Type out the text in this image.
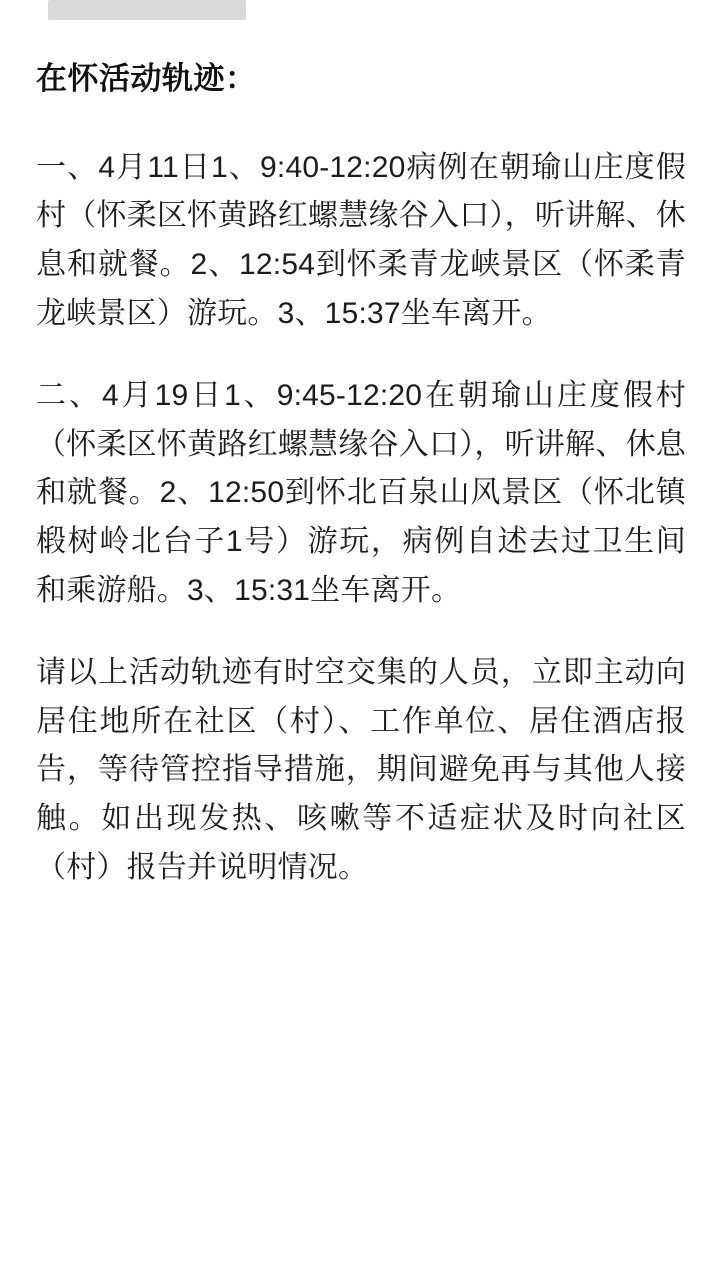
在怀活动轨迹：

一、4月11日1、9:40-12:20病例在朝瑜山庄度假村（怀柔区怀黄路红螺慧缘谷入口），听讲解、休息和就餐。2、12:54到怀柔青龙峡景区（怀柔青龙峡景区）游玩。3、15:37坐车离开。

二、4月19日1、9:45-12:20在朝瑜山庄度假村（怀柔区怀黄路红螺慧缘谷入口），听讲解、休息和就餐。2、12:50到怀北百泉山风景区（怀北镇椴树岭北台子1号）游玩，病例自述去过卫生间和乘游船。3、15:31坐车离开。

请以上活动轨迹有时空交集的人员，立即主动向居住地所在社区（村）、工作单位、居住酒店报告，等待管控指导措施，期间避免再与其他人接触。如出现发热、咳嗽等不适症状及时向社区（村）报告并说明情况。
